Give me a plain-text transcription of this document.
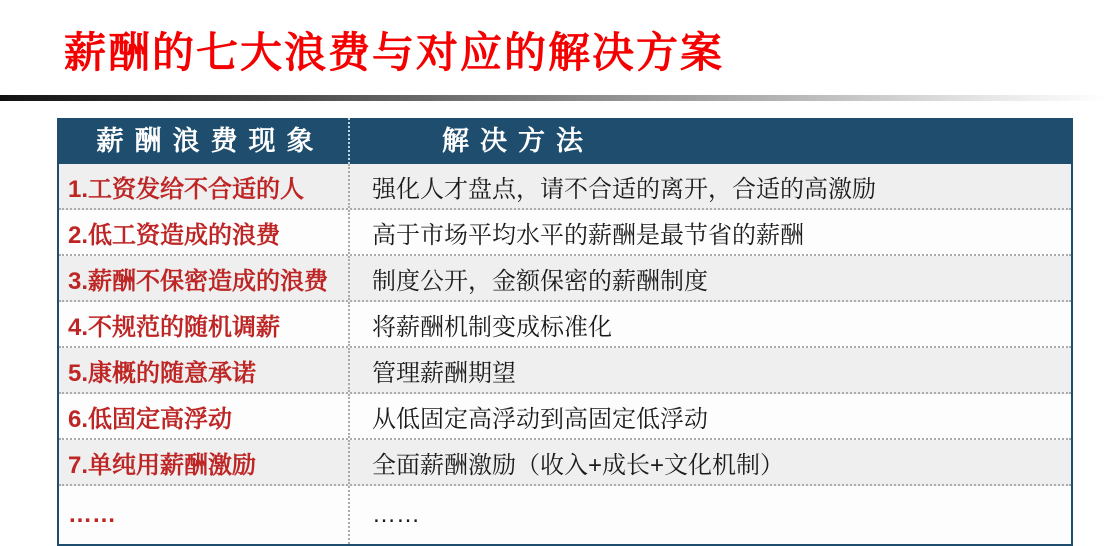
薪酬的七大浪费与对应的解决方案
薪酬浪费现象	解决方法
1.工资发给不合适的人	强化人才盘点，请不合适的离开，合适的高激励
2.低工资造成的浪费	高于市场平均水平的薪酬是最节省的薪酬
3.薪酬不保密造成的浪费	制度公开，金额保密的薪酬制度
4.不规范的随机调薪	将薪酬机制变成标准化
5.康概的随意承诺	管理薪酬期望
6.低固定高浮动	从低固定高浮动到高固定低浮动
7.单纯用薪酬激励	全面薪酬激励（收入+成长+文化机制）
……	……
